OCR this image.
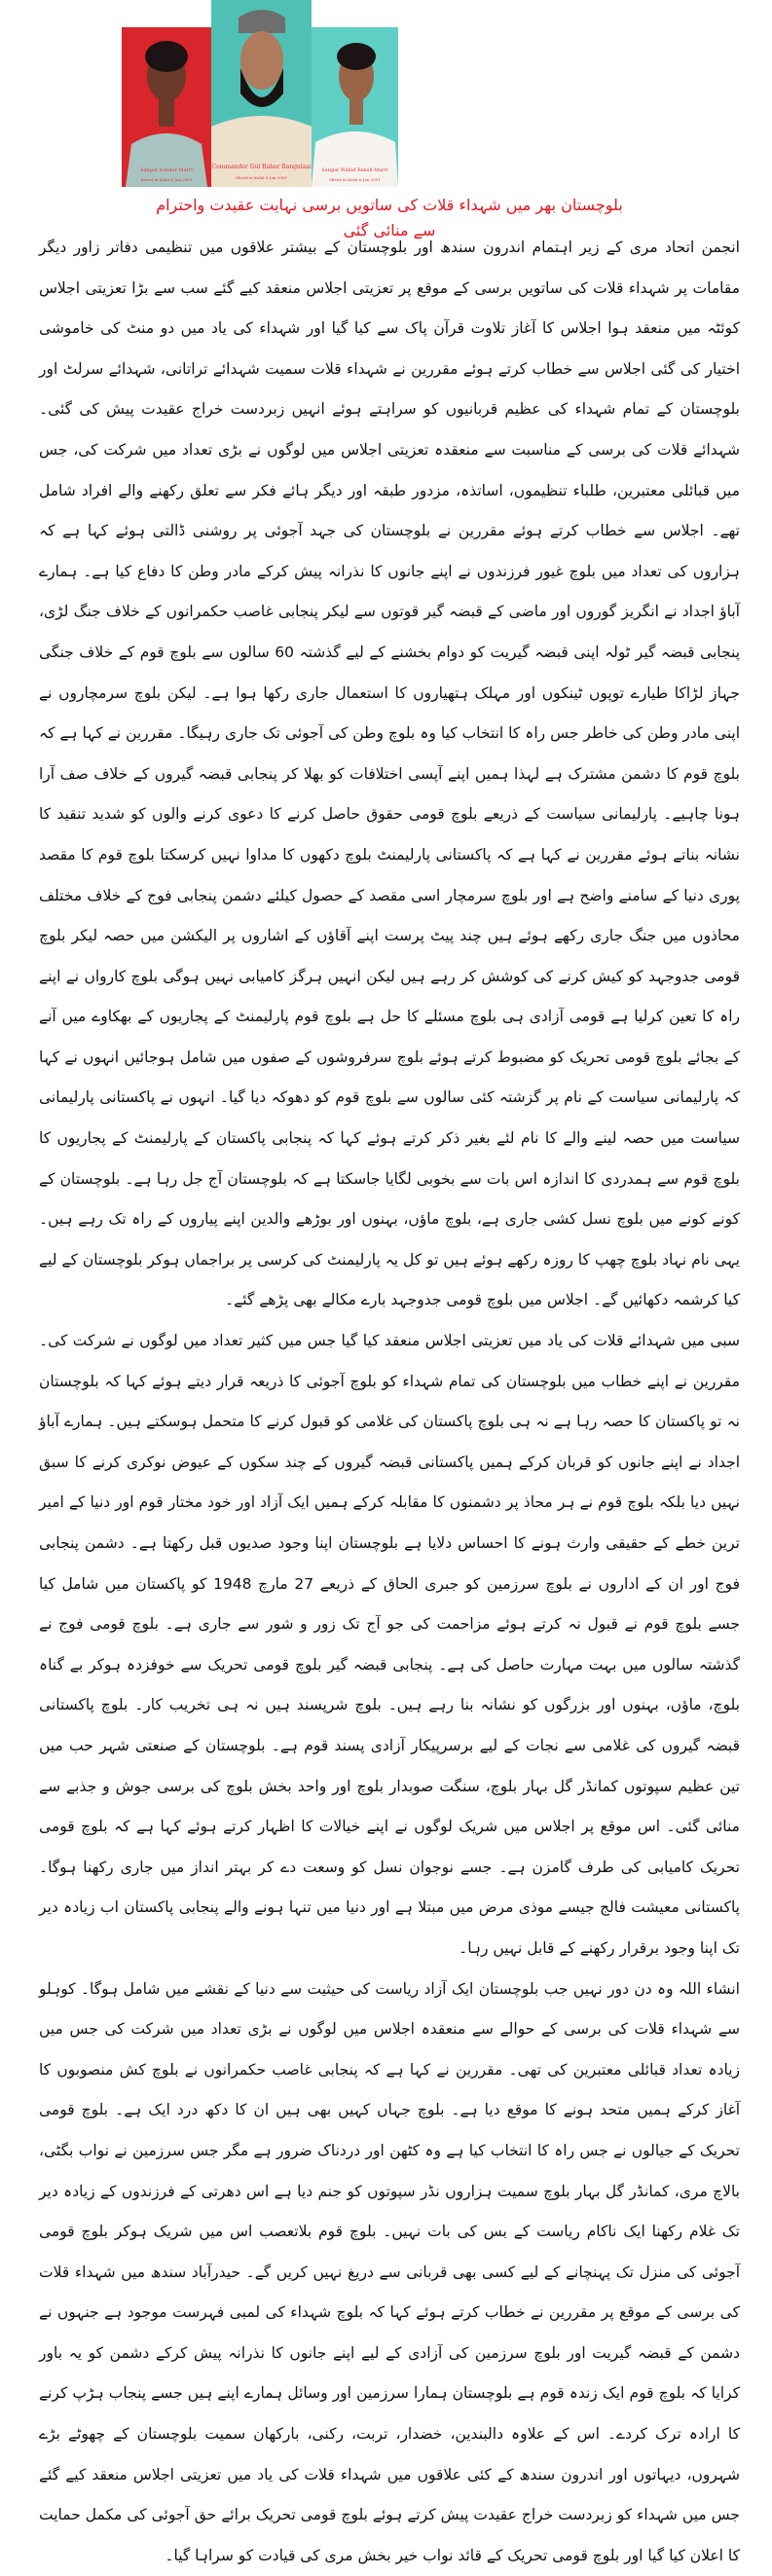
Sangat Sohdar Marri
Sheed in Kalat 6 Jan 2001
Commander Gul Bahar Bangulzai
Sheed in Kalat 6 Jan 2001
Sangat Wahid Baksh Marri
Sheed in Kalat 6 Jan 2001
بلوچستان بھر میں شہداء قلات کی ساتویں برسی نہایت عقیدت واحترام سے منائی گئی

انجمن اتحاد مری کے زیر اہتمام اندرون سندھ اور بلوچستان کے بیشتر علاقوں میں تنظیمی دفاتر زاور دیگر مقامات پر شہداء قلات کی ساتویں برسی کے موقع پر تعزیتی اجلاس منعقد کیے گئے سب سے بڑا تعزیتی اجلاس کوئٹہ میں منعقد ہوا اجلاس کا آغاز تلاوت قرآن پاک سے کیا گیا اور شہداء کی یاد میں دو منٹ کی خاموشی اختیار کی گئی اجلاس سے خطاب کرتے ہوئے مقررین نے شہداء قلات سمیت شہدائے تراتانی، شہدائے سرلٹ اور بلوچستان کے تمام شہداء کی عظیم قربانیوں کو سراہتے ہوئے انہیں زبردست خراج عقیدت پیش کی گئی۔ شہدائے قلات کی برسی کے مناسبت سے منعقدہ تعزیتی اجلاس میں لوگوں نے بڑی تعداد میں شرکت کی، جس میں قبائلی معتبرین، طلباء تنظیموں، اساتذہ، مزدور طبقہ اور دیگر ہائے فکر سے تعلق رکھنے والے افراد شامل تھے۔ اجلاس سے خطاب کرتے ہوئے مقررین نے بلوچستان کی جہد آجوئی پر روشنی ڈالتی ہوئے کہا ہے کہ ہزاروں کی تعداد میں بلوچ غیور فرزندوں نے اپنے جانوں کا نذرانہ پیش کرکے مادر وطن کا دفاع کیا ہے۔ ہمارے آباؤ اجداد نے انگریز گوروں اور ماضی کے قبضہ گیر قوتوں سے لیکر پنجابی غاصب حکمرانوں کے خلاف جنگ لڑی، پنجابی قبضہ گیر ٹولہ اپنی قبضہ گیریت کو دوام بخشنے کے لیے گذشتہ 60 سالوں سے بلوچ قوم کے خلاف جنگی جہاز لڑاکا طیارے توپوں ٹینکوں اور مہلک ہتھیاروں کا استعمال جاری رکھا ہوا ہے۔ لیکن بلوچ سرمچاروں نے اپنی مادر وطن کی خاطر جس راہ کا انتخاب کیا وہ بلوچ وطن کی آجوئی تک جاری رہیگا۔ مقررین نے کہا ہے کہ بلوچ قوم کا دشمن مشترک ہے لہذا ہمیں اپنے آپسی اختلافات کو بھلا کر پنجابی قبضہ گیروں کے خلاف صف آرا ہونا چاہیے۔ پارلیمانی سیاست کے ذریعے بلوچ قومی حقوق حاصل کرنے کا دعوی کرنے والوں کو شدید تنقید کا نشانہ بناتے ہوئے مقررین نے کہا ہے کہ پاکستانی پارلیمنٹ بلوچ دکھوں کا مداوا نہیں کرسکتا بلوچ قوم کا مقصد پوری دنیا کے سامنے واضح ہے اور بلوچ سرمچار اسی مقصد کے حصول کیلئے دشمن پنجابی فوج کے خلاف مختلف محاذوں میں جنگ جاری رکھے ہوئے ہیں چند پیٹ پرست اپنے آقاؤں کے اشاروں پر الیکشن میں حصہ لیکر بلوچ قومی جدوجہد کو کیش کرنے کی کوشش کر رہے ہیں لیکن انہیں ہرگز کامیابی نہیں ہوگی بلوچ کارواں نے اپنے راہ کا تعین کرلیا ہے قومی آزادی ہی بلوچ مسئلے کا حل ہے بلوچ قوم پارلیمنٹ کے پجاریوں کے بھکاوے میں آنے کے بجائے بلوچ قومی تحریک کو مضبوط کرتے ہوئے بلوچ سرفروشوں کے صفوں میں شامل ہوجائیں انہوں نے کہا کہ پارلیمانی سیاست کے نام پر گزشتہ کئی سالوں سے بلوچ قوم کو دھوکہ دیا گیا۔ انہوں نے پاکستانی پارلیمانی سیاست میں حصہ لینے والے کا نام لئے بغیر ذکر کرتے ہوئے کہا کہ پنجابی پاکستان کے پارلیمنٹ کے پجاریوں کا بلوچ قوم سے ہمدردی کا اندازہ اس بات سے بخوبی لگایا جاسکتا ہے کہ بلوچستان آج جل رہا ہے۔ بلوچستان کے کونے کونے میں بلوچ نسل کشی جاری ہے، بلوچ ماؤں، بہنوں اور بوڑھے والدین اپنے پیاروں کے راہ تک رہے ہیں۔ یہی نام نہاد بلوچ چھپ کا روزہ رکھے ہوئے ہیں تو کل یہ پارلیمنٹ کی کرسی پر براجماں ہوکر بلوچستان کے لیے کیا کرشمہ دکھائیں گے۔ اجلاس میں بلوچ قومی جدوجہد بارے مکالے بھی پڑھے گئے۔

سبی میں شہدائے قلات کی یاد میں تعزیتی اجلاس منعقد کیا گیا جس میں کثیر تعداد میں لوگوں نے شرکت کی۔ مقررین نے اپنے خطاب میں بلوچستان کی تمام شہداء کو بلوچ آجوئی کا ذریعہ قرار دیتے ہوئے کہا کہ بلوچستان نہ تو پاکستان کا حصہ رہا ہے نہ ہی بلوچ پاکستان کی غلامی کو قبول کرنے کا متحمل ہوسکتے ہیں۔ ہمارے آباؤ اجداد نے اپنے جانوں کو قربان کرکے ہمیں پاکستانی قبضہ گیروں کے چند سکوں کے عیوض نوکری کرنے کا سبق نہیں دیا بلکہ بلوچ قوم نے ہر محاذ پر دشمنوں کا مقابلہ کرکے ہمیں ایک آزاد اور خود مختار قوم اور دنیا کے امیر ترین خطے کے حقیقی وارث ہونے کا احساس دلایا ہے بلوچستان اپنا وجود صدیوں قبل رکھتا ہے۔ دشمن پنجابی فوج اور ان کے اداروں نے بلوچ سرزمین کو جبری الحاق کے ذریعے 27 مارچ 1948 کو پاکستان میں شامل کیا جسے بلوچ قوم نے قبول نہ کرتے ہوئے مزاحمت کی جو آج تک زور و شور سے جاری ہے۔ بلوچ قومی فوج نے گذشتہ سالوں میں بہت مہارت حاصل کی ہے۔ پنجابی قبضہ گیر بلوچ قومی تحریک سے خوفزدہ ہوکر بے گناہ بلوچ، ماؤں، بہنوں اور بزرگوں کو نشانہ بنا رہے ہیں۔ بلوچ شرپسند ہیں نہ ہی تخریب کار۔ بلوچ پاکستانی قبضہ گیروں کی غلامی سے نجات کے لیے برسرپیکار آزادی پسند قوم ہے۔ بلوچستان کے صنعتی شہر حب میں تین عظیم سپوتوں کمانڈر گل بہار بلوچ، سنگت صوبدار بلوچ اور واحد بخش بلوچ کی برسی جوش و جذبے سے منائی گئی۔ اس موقع پر اجلاس میں شریک لوگوں نے اپنے خیالات کا اظہار کرتے ہوئے کہا ہے کہ بلوچ قومی تحریک کامیابی کی طرف گامزن ہے۔ جسے نوجوان نسل کو وسعت دے کر بہتر انداز میں جاری رکھنا ہوگا۔ پاکستانی معیشت فالج جیسے موذی مرض میں مبتلا ہے اور دنیا میں تنہا ہونے والے پنجابی پاکستان اب زیادہ دیر تک اپنا وجود برقرار رکھنے کے قابل نہیں رہا۔

انشاء اللہ وہ دن دور نہیں جب بلوچستان ایک آزاد ریاست کی حیثیت سے دنیا کے نقشے میں شامل ہوگا۔ کوہلو سے شہداء قلات کی برسی کے حوالے سے منعقدہ اجلاس میں لوگوں نے بڑی تعداد میں شرکت کی جس میں زیادہ تعداد قبائلی معتبرین کی تھی۔ مقررین نے کہا ہے کہ پنجابی غاصب حکمرانوں نے بلوچ کش منصوبوں کا آغاز کرکے ہمیں متحد ہونے کا موقع دیا ہے۔ بلوچ جہاں کہیں بھی ہیں ان کا دکھ درد ایک ہے۔ بلوچ قومی تحریک کے جیالوں نے جس راہ کا انتخاب کیا ہے وہ کٹھن اور دردناک ضرور ہے مگر جس سرزمین نے نواب بگٹی، بالاچ مری، کمانڈر گل بہار بلوچ سمیت ہزاروں نڈر سپوتوں کو جنم دیا ہے اس دھرتی کے فرزندوں کے زیادہ دیر تک غلام رکھنا ایک ناکام ریاست کے بس کی بات نہیں۔ بلوچ قوم بلاتعصب اس میں شریک ہوکر بلوچ قومی آجوئی کی منزل تک پہنچانے کے لیے کسی بھی قربانی سے دریغ نہیں کریں گے۔ حیدرآباد سندھ میں شہداء قلات کی برسی کے موقع پر مقررین نے خطاب کرتے ہوئے کہا کہ بلوچ شہداء کی لمبی فہرست موجود ہے جنہوں نے دشمن کے قبضہ گیریت اور بلوچ سرزمین کی آزادی کے لیے اپنے جانوں کا نذرانہ پیش کرکے دشمن کو یہ باور کرایا کہ بلوچ قوم ایک زندہ قوم ہے بلوچستان ہمارا سرزمین اور وسائل ہمارے اپنے ہیں جسے پنجاب ہڑپ کرنے کا ارادہ ترک کردے۔ اس کے علاوہ دالبندین، خضدار، تربت، رکنی، بارکھان سمیت بلوچستان کے چھوٹے بڑے شہروں، دیہاتوں اور اندرون سندھ کے کئی علاقوں میں شہداء قلات کی یاد میں تعزیتی اجلاس منعقد کیے گئے جس میں شہداء کو زبردست خراج عقیدت پیش کرتے ہوئے بلوچ قومی تحریک برائے حق آجوئی کی مکمل حمایت کا اعلان کیا گیا اور بلوچ قومی تحریک کے قائد نواب خیر بخش مری کی قیادت کو سراہا گیا۔
